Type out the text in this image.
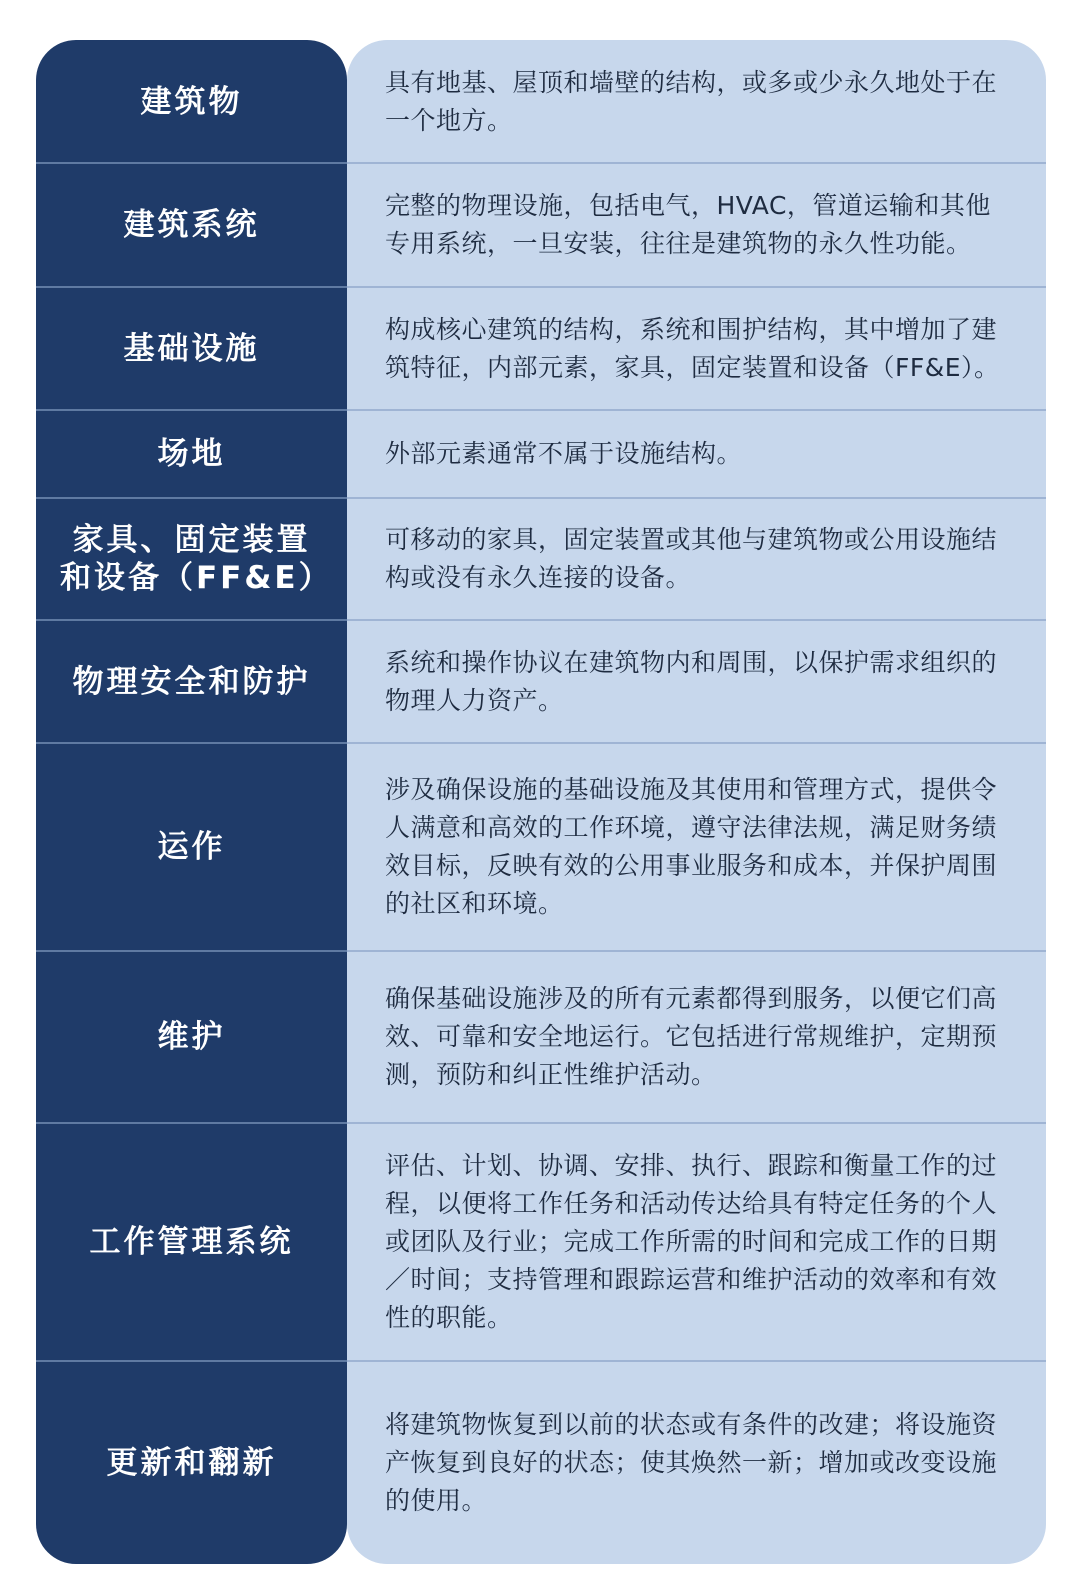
建筑物
具有地基、屋顶和墙壁的结构，或多或少永久地处于在一个地方。
建筑系统
完整的物理设施，包括电气，HVAC，管道运输和其他专用系统，一旦安装，往往是建筑物的永久性功能。
基础设施
构成核心建筑的结构，系统和围护结构，其中增加了建筑特征，内部元素，家具，固定装置和设备（FF&E）。
场地	外部元素通常不属于设施结构。
家具、固定装置
和设备（FF&E）
可移动的家具，固定装置或其他与建筑物或公用设施结构或没有永久连接的设备。
物理安全和防护
系统和操作协议在建筑物内和周围，以保护需求组织的物理人力资产。
运作
涉及确保设施的基础设施及其使用和管理方式，提供令人满意和高效的工作环境，遵守法律法规，满足财务绩效目标，反映有效的公用事业服务和成本，并保护周围的社区和环境。
维护
确保基础设施涉及的所有元素都得到服务，以便它们高效、可靠和安全地运行。它包括进行常规维护，定期预测，预防和纠正性维护活动。
工作管理系统
评估、计划、协调、安排、执行、跟踪和衡量工作的过程，以便将工作任务和活动传达给具有特定任务的个人或团队及行业；完成工作所需的时间和完成工作的日期／时间；支持管理和跟踪运营和维护活动的效率和有效性的职能。
更新和翻新
将建筑物恢复到以前的状态或有条件的改建；将设施资产恢复到良好的状态；使其焕然一新；增加或改变设施的使用。
